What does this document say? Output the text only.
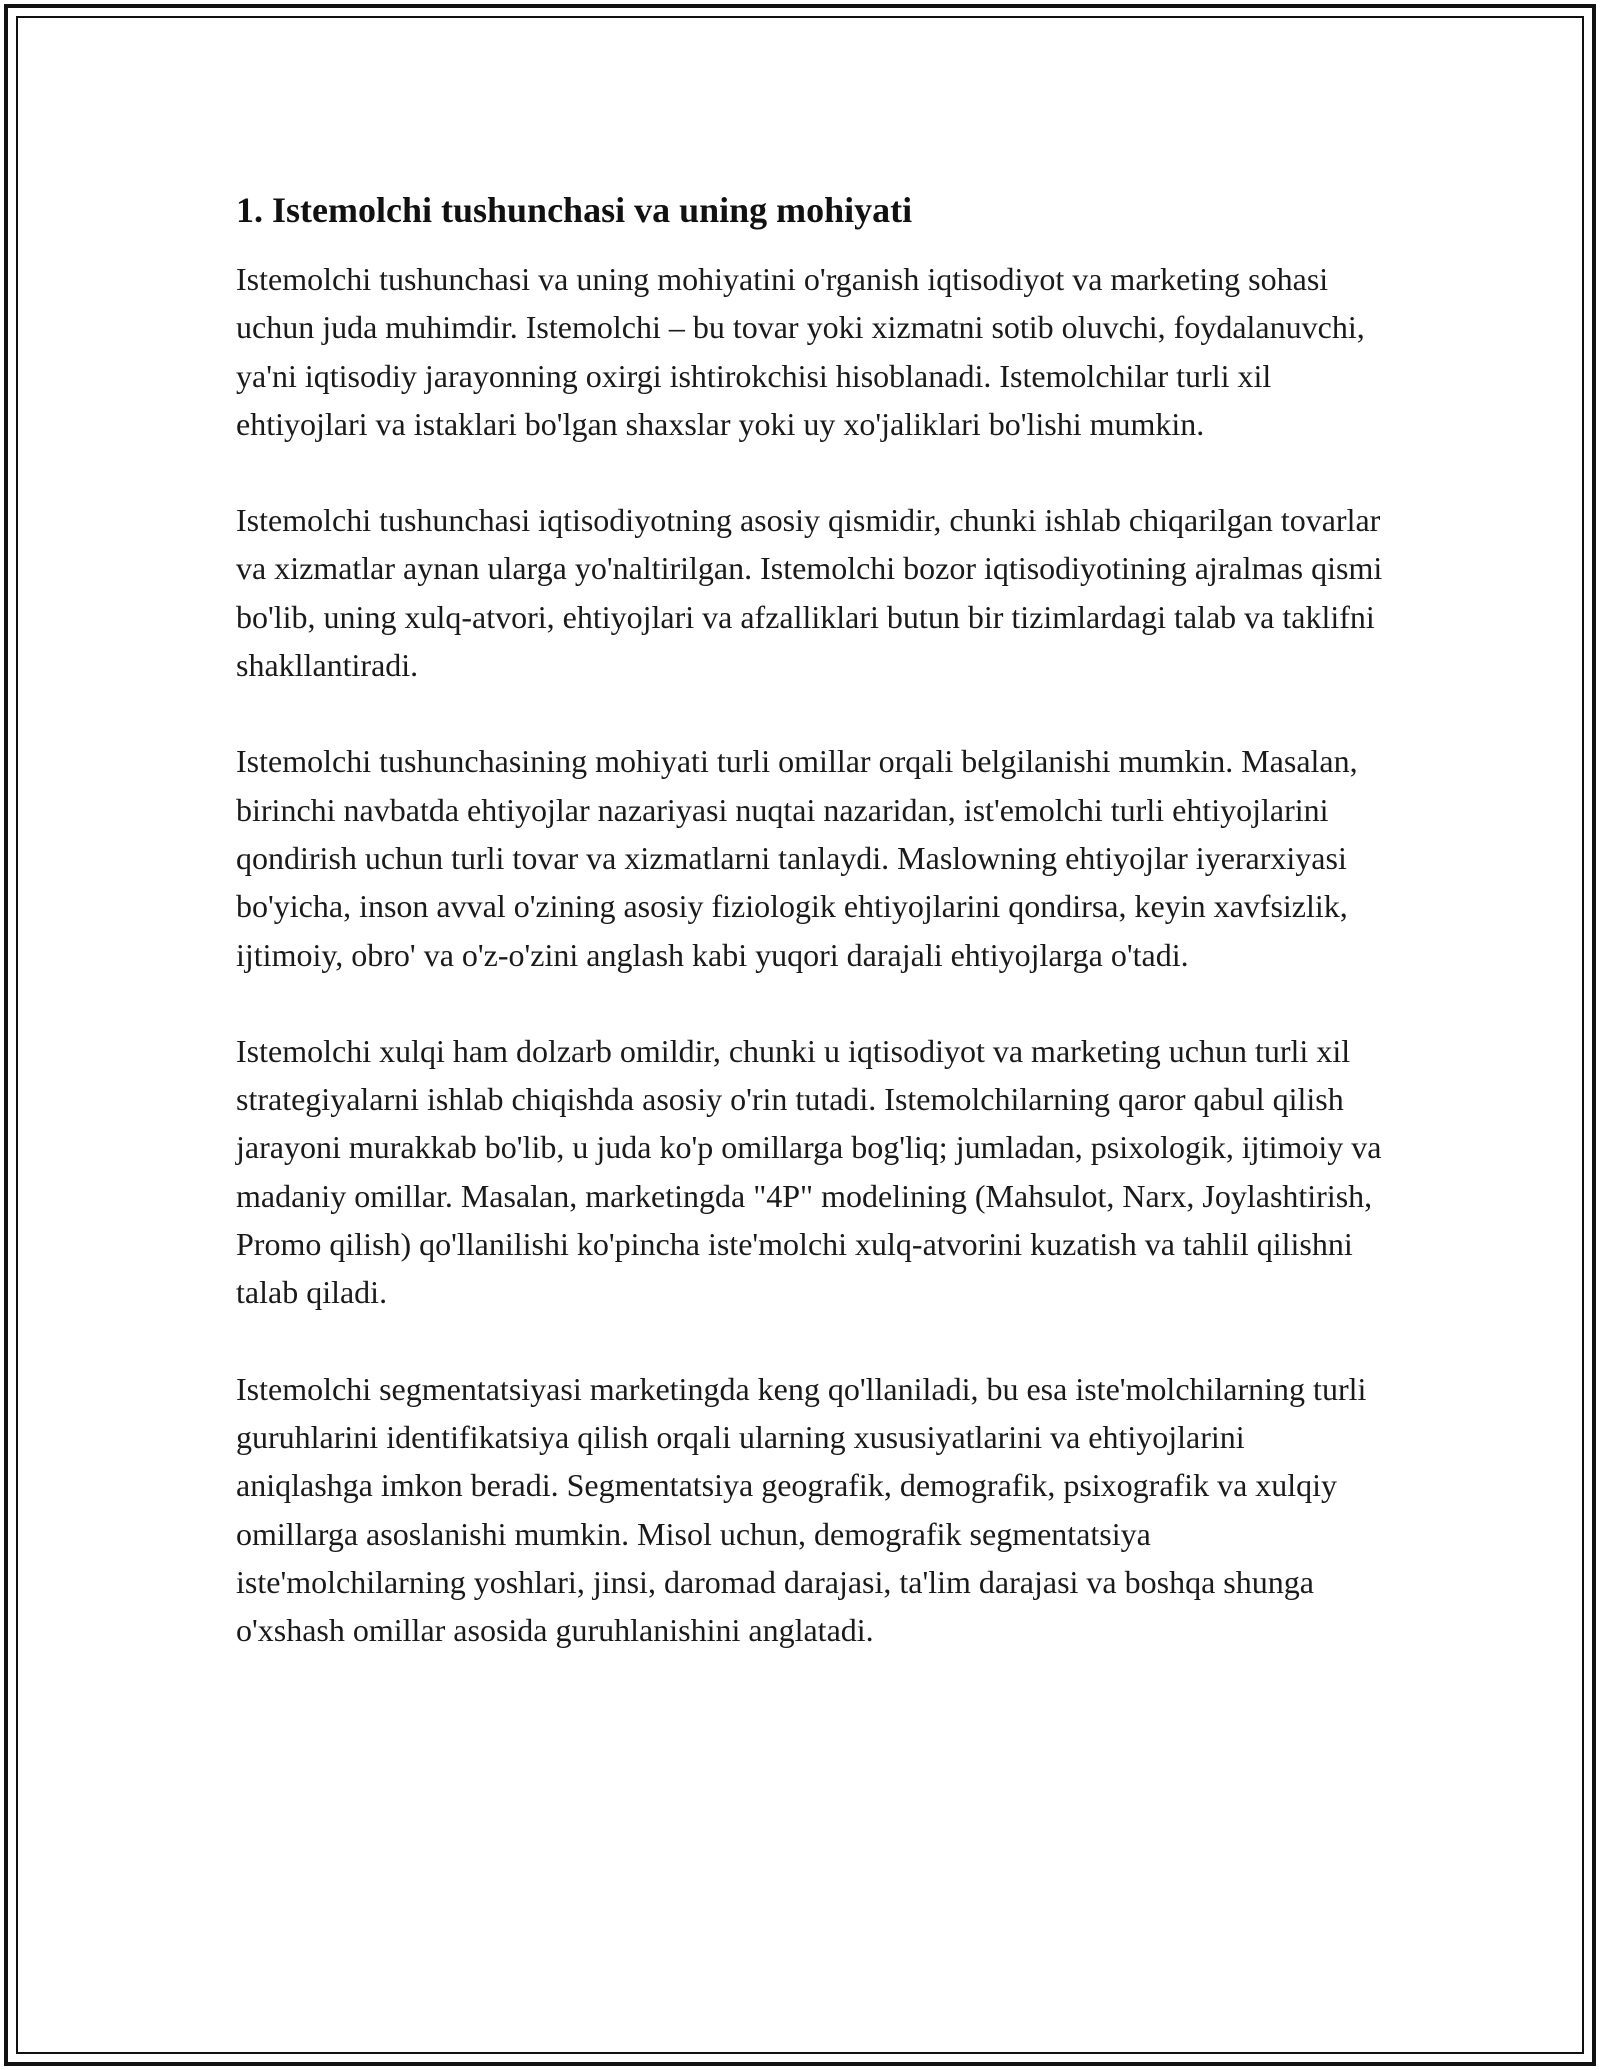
1. Istemolchi tushunchasi va uning mohiyati

Istemolchi tushunchasi va uning mohiyatini o'rganish iqtisodiyot va marketing sohasi uchun juda muhimdir. Istemolchi – bu tovar yoki xizmatni sotib oluvchi, foydalanuvchi, ya'ni iqtisodiy jarayonning oxirgi ishtirokchisi hisoblanadi. Istemolchilar turli xil ehtiyojlari va istaklari bo'lgan shaxslar yoki uy xo'jaliklari bo'lishi mumkin.

Istemolchi tushunchasi iqtisodiyotning asosiy qismidir, chunki ishlab chiqarilgan tovarlar va xizmatlar aynan ularga yo'naltirilgan. Istemolchi bozor iqtisodiyotining ajralmas qismi bo'lib, uning xulq-atvori, ehtiyojlari va afzalliklari butun bir tizimlardagi talab va taklifni shakllantiradi.

Istemolchi tushunchasining mohiyati turli omillar orqali belgilanishi mumkin. Masalan, birinchi navbatda ehtiyojlar nazariyasi nuqtai nazaridan, ist'emolchi turli ehtiyojlarini qondirish uchun turli tovar va xizmatlarni tanlaydi. Maslowning ehtiyojlar iyerarxiyasi bo'yicha, inson avval o'zining asosiy fiziologik ehtiyojlarini qondirsa, keyin xavfsizlik, ijtimoiy, obro' va o'z-o'zini anglash kabi yuqori darajali ehtiyojlarga o'tadi.

Istemolchi xulqi ham dolzarb omildir, chunki u iqtisodiyot va marketing uchun turli xil strategiyalarni ishlab chiqishda asosiy o'rin tutadi. Istemolchilarning qaror qabul qilish jarayoni murakkab bo'lib, u juda ko'p omillarga bog'liq; jumladan, psixologik, ijtimoiy va madaniy omillar. Masalan, marketingda "4P" modelining (Mahsulot, Narx, Joylashtirish, Promo qilish) qo'llanilishi ko'pincha iste'molchi xulq-atvorini kuzatish va tahlil qilishni talab qiladi.

Istemolchi segmentatsiyasi marketingda keng qo'llaniladi, bu esa iste'molchilarning turli guruhlarini identifikatsiya qilish orqali ularning xususiyatlarini va ehtiyojlarini aniqlashga imkon beradi. Segmentatsiya geografik, demografik, psixografik va xulqiy omillarga asoslanishi mumkin. Misol uchun, demografik segmentatsiya iste'molchilarning yoshlari, jinsi, daromad darajasi, ta'lim darajasi va boshqa shunga o'xshash omillar asosida guruhlanishini anglatadi.
